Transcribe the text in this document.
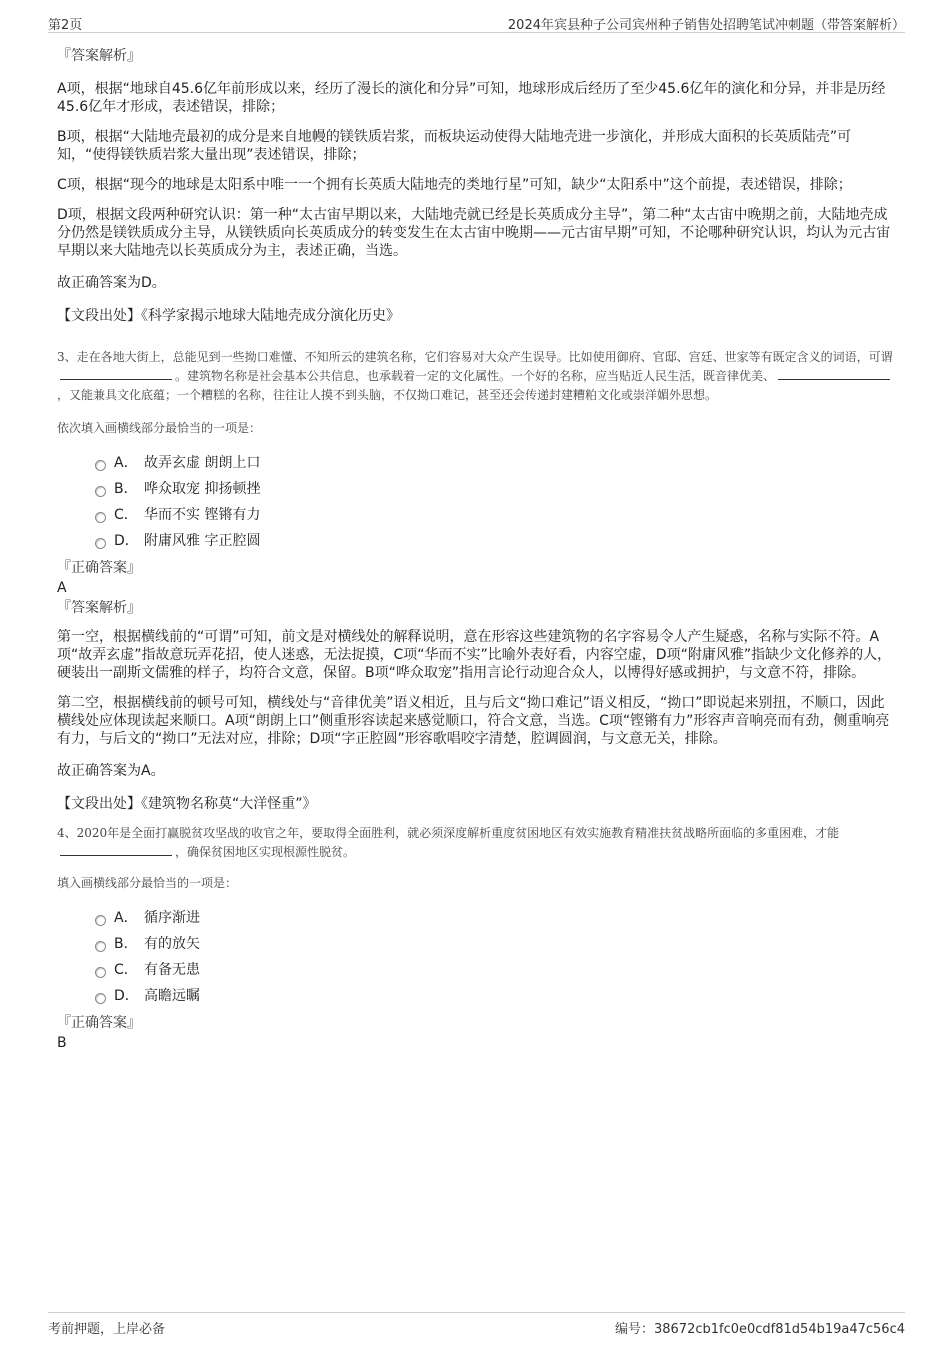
第2页	2024年宾县种子公司宾州种子销售处招聘笔试冲刺题（带答案解析）
『答案解析』

A项，根据“地球自45.6亿年前形成以来，经历了漫长的演化和分异”可知，地球形成后经历了至少45.6亿年的演化和分异，并非是历经45.6亿年才形成，表述错误，排除；

B项，根据“大陆地壳最初的成分是来自地幔的镁铁质岩浆，而板块运动使得大陆地壳进一步演化，并形成大面积的长英质陆壳”可知，“使得镁铁质岩浆大量出现”表述错误，排除；

C项，根据“现今的地球是太阳系中唯一一个拥有长英质大陆地壳的类地行星”可知，缺少“太阳系中”这个前提，表述错误，排除；

D项，根据文段两种研究认识：第一种“太古宙早期以来，大陆地壳就已经是长英质成分主导”，第二种“太古宙中晚期之前，大陆地壳成分仍然是镁铁质成分主导，从镁铁质向长英质成分的转变发生在太古宙中晚期——元古宙早期”可知，不论哪种研究认识，均认为元古宙早期以来大陆地壳以长英质成分为主，表述正确，当选。

故正确答案为D。

【文段出处】《科学家揭示地球大陆地壳成分演化历史》
3、走在各地大街上，总能见到一些拗口难懂、不知所云的建筑名称，它们容易对大众产生误导。比如使用御府、官邸、宫廷、世家等有既定含义的词语，可谓。建筑物名称是社会基本公共信息，也承载着一定的文化属性。一个好的名称，应当贴近人民生活，既音律优美、，又能兼具文化底蕴；一个糟糕的名称，往往让人摸不到头脑，不仅拗口难记，甚至还会传递封建糟粕文化或崇洋媚外思想。
依次填入画横线部分最恰当的一项是：
A． 故弄玄虚 朗朗上口
B． 哗众取宠 抑扬顿挫
C． 华而不实 铿锵有力
D． 附庸风雅 字正腔圆
『正确答案』
A
『答案解析』

第一空，根据横线前的“可谓”可知，前文是对横线处的解释说明，意在形容这些建筑物的名字容易令人产生疑惑，名称与实际不符。A项“故弄玄虚”指故意玩弄花招，使人迷惑，无法捉摸，C项“华而不实”比喻外表好看，内容空虚，D项“附庸风雅”指缺少文化修养的人，硬装出一副斯文儒雅的样子，均符合文意，保留。B项“哗众取宠”指用言论行动迎合众人，以博得好感或拥护，与文意不符，排除。

第二空，根据横线前的顿号可知，横线处与“音律优美”语义相近，且与后文“拗口难记”语义相反，“拗口”即说起来别扭，不顺口，因此横线处应体现读起来顺口。A项“朗朗上口”侧重形容读起来感觉顺口，符合文意，当选。C项“铿锵有力”形容声音响亮而有劲，侧重响亮有力，与后文的“拗口”无法对应，排除；D项“字正腔圆”形容歌唱咬字清楚，腔调圆润，与文意无关，排除。

故正确答案为A。

【文段出处】《建筑物名称莫“大洋怪重”》
4、2020年是全面打赢脱贫攻坚战的收官之年，要取得全面胜利，就必须深度解析重度贫困地区有效实施教育精准扶贫战略所面临的多重困难，才能，确保贫困地区实现根源性脱贫。
填入画横线部分最恰当的一项是：
A． 循序渐进
B． 有的放矢
C． 有备无患
D． 高瞻远瞩
『正确答案』
B
考前押题，上岸必备	编号：38672cb1fc0e0cdf81d54b19a47c56c4
